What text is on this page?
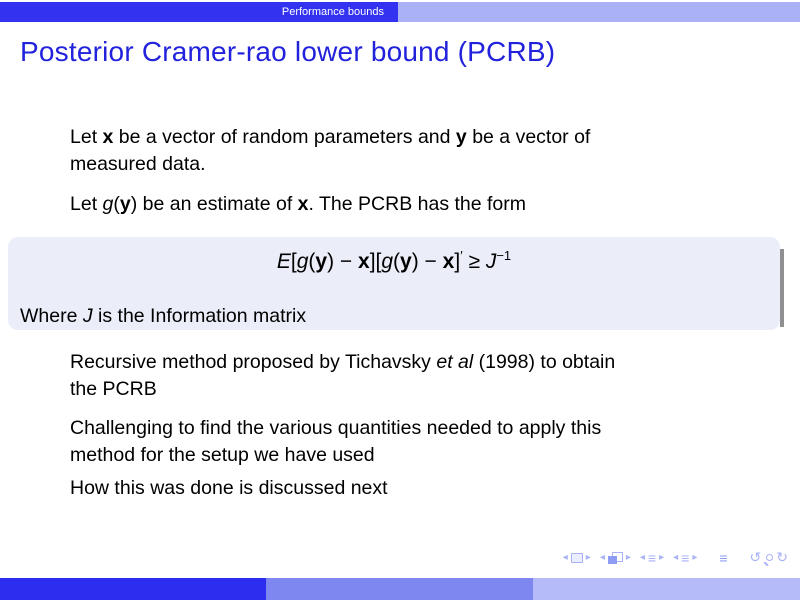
Performance bounds
Posterior Cramer-rao lower bound (PCRB)
Let x be a vector of random parameters and y be a vector of
measured data.
Let g(y) be an estimate of x. The PCRB has the form
$E[g(y) - x][g(y) - x]' \ge J^{-1}$
Where J is the Information matrix
Recursive method proposed by Tichavsky et al (1998) to obtain
the PCRB
Challenging to find the various quantities needed to apply this
method for the setup we have used
How this was done is discussed next
◂ ▸ ◂ ▸ ◂ ≡ ▸ ◂ ≡ ▸ ≡ ↺ ↻
